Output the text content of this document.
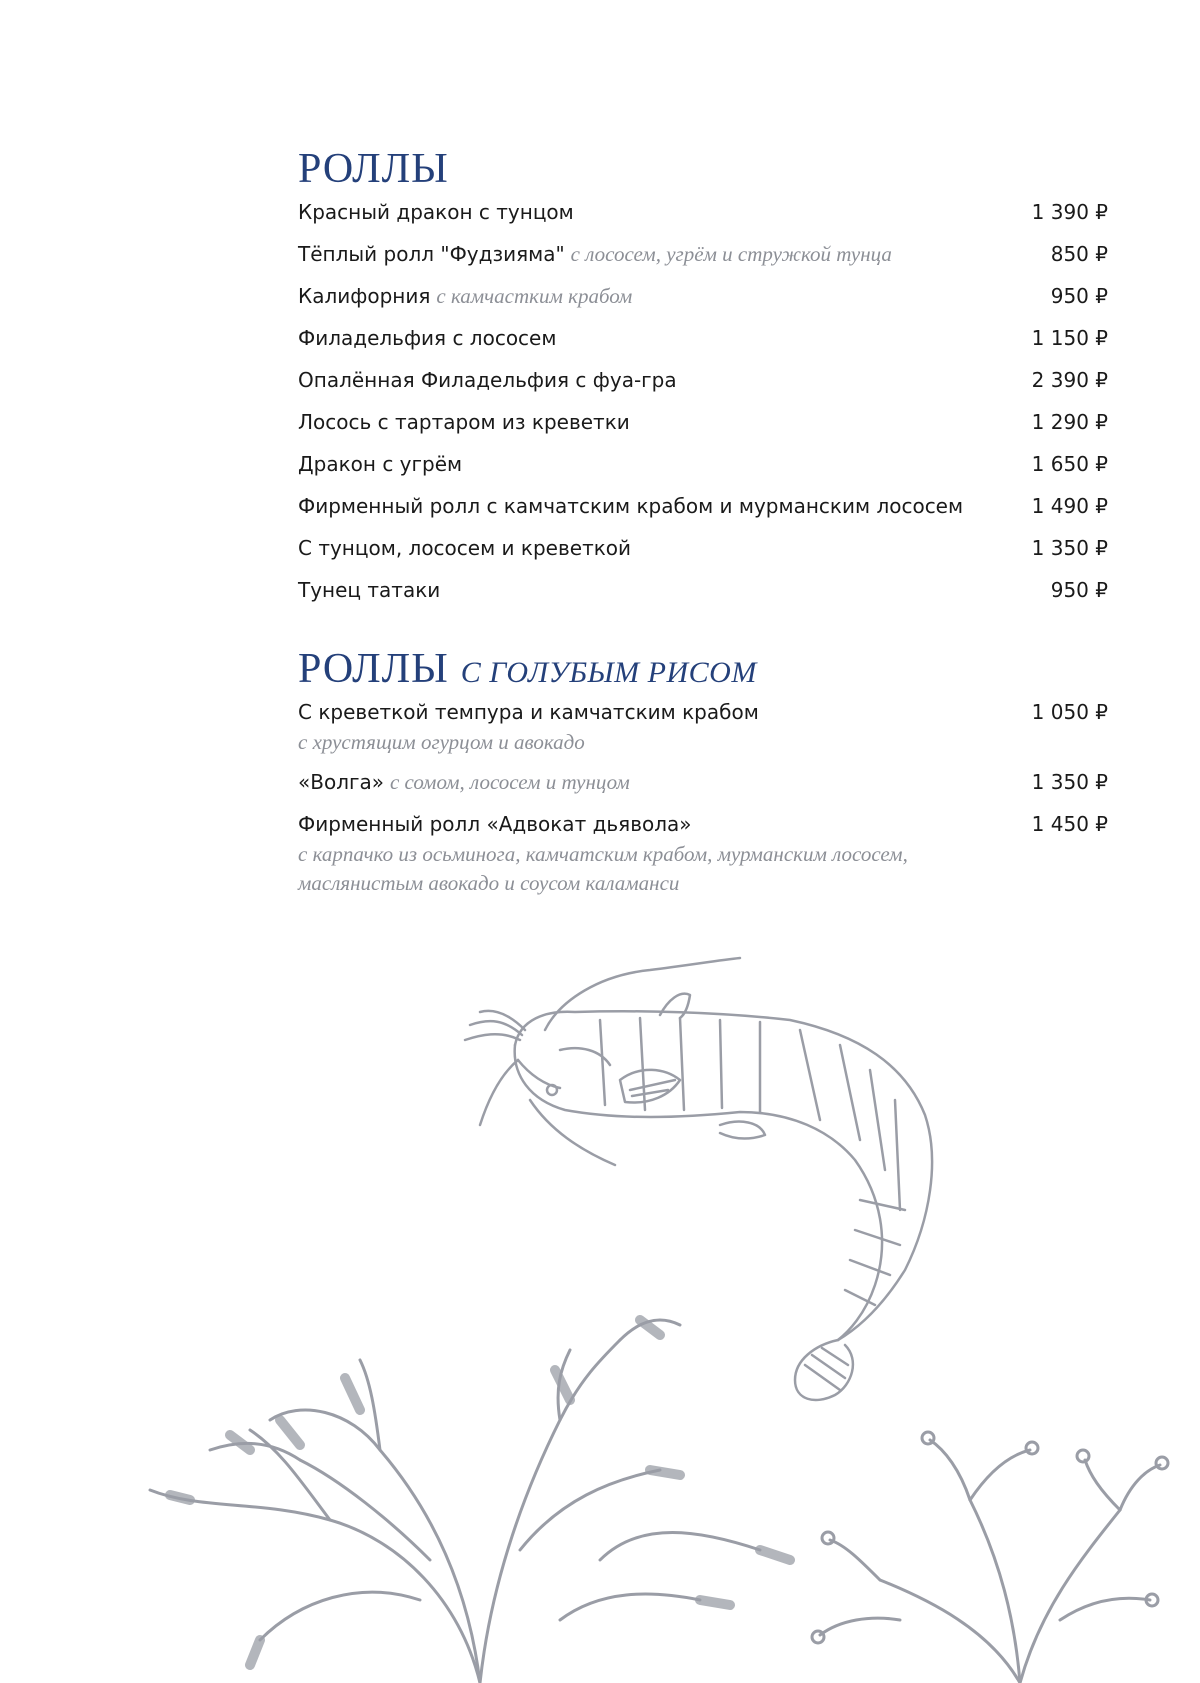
РОЛЛЫ
Красный дракон с тунцом	1 390 ₽
Тёплый ролл "Фудзияма" с лососем, угрём и стружкой тунца	850 ₽
Калифорния с камчастким крабом	950 ₽
Филадельфия с лососем	1 150 ₽
Опалённая Филадельфия с фуа-гра	2 390 ₽
Лосось с тартаром из креветки	1 290 ₽
Дракон с угрём	1 650 ₽
Фирменный ролл с камчатским крабом и мурманским лососем	1 490 ₽
С тунцом, лососем и креветкой	1 350 ₽
Тунец татаки	950 ₽
РОЛЛЫ С ГОЛУБЫМ РИСОМ
С креветкой темпура и камчатским крабом	1 050 ₽
с хрустящим огурцом и авокадо
«Волга» с сомом, лососем и тунцом	1 350 ₽
Фирменный ролл «Адвокат дьявола»	1 450 ₽
с карпачко из осьминога, камчатским крабом, мурманским лососем,
маслянистым авокадо и соусом каламанси
